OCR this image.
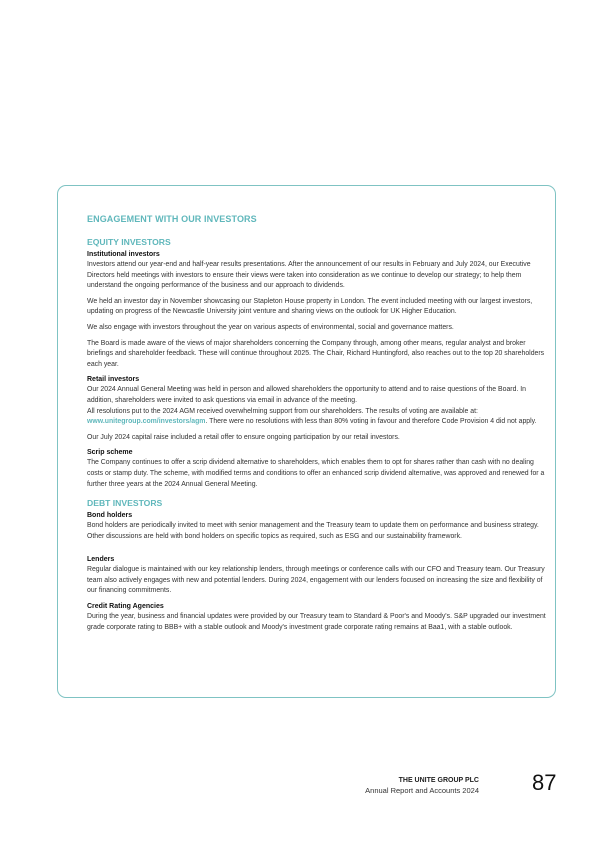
ENGAGEMENT WITH OUR INVESTORS
EQUITY INVESTORS
Institutional investors

Investors attend our year-end and half-year results presentations. After the announcement of our results in February and July 2024, our Executive Directors held meetings with investors to ensure their views were taken into consideration as we continue to develop our strategy; to help them understand the ongoing performance of the business and our approach to dividends.

We held an investor day in November showcasing our Stapleton House property in London. The event included meeting with our largest investors, updating on progress of the Newcastle University joint venture and sharing views on the outlook for UK Higher Education.

We also engage with investors throughout the year on various aspects of environmental, social and governance matters.

The Board is made aware of the views of major shareholders concerning the Company through, among other means, regular analyst and broker briefings and shareholder feedback. These will continue throughout 2025. The Chair, Richard Huntingford, also reaches out to the top 20 shareholders each year.

Retail investors

Our 2024 Annual General Meeting was held in person and allowed shareholders the opportunity to attend and to raise questions of the Board. In addition, shareholders were invited to ask questions via email in advance of the meeting.
All resolutions put to the 2024 AGM received overwhelming support from our shareholders. The results of voting are available at: www.unitegroup.com/investors/agm. There were no resolutions with less than 80% voting in favour and therefore Code Provision 4 did not apply.

Our July 2024 capital raise included a retail offer to ensure ongoing participation by our retail investors.

Scrip scheme

The Company continues to offer a scrip dividend alternative to shareholders, which enables them to opt for shares rather than cash with no dealing costs or stamp duty. The scheme, with modified terms and conditions to offer an enhanced scrip dividend alternative, was approved and renewed for a further three years at the 2024 Annual General Meeting.

DEBT INVESTORS
Bond holders

Bond holders are periodically invited to meet with senior management and the Treasury team to update them on performance and business strategy. Other discussions are held with bond holders on specific topics as required, such as ESG and our sustainability framework.

Lenders

Regular dialogue is maintained with our key relationship lenders, through meetings or conference calls with our CFO and Treasury team. Our Treasury team also actively engages with new and potential lenders. During 2024, engagement with our lenders focused on increasing the size and flexibility of our financing commitments.

Credit Rating Agencies

During the year, business and financial updates were provided by our Treasury team to Standard & Poor's and Moody's. S&P upgraded our investment grade corporate rating to BBB+ with a stable outlook and Moody's investment grade corporate rating remains at Baa1, with a stable outlook.

THE UNITE GROUP PLC
Annual Report and Accounts 2024 87
